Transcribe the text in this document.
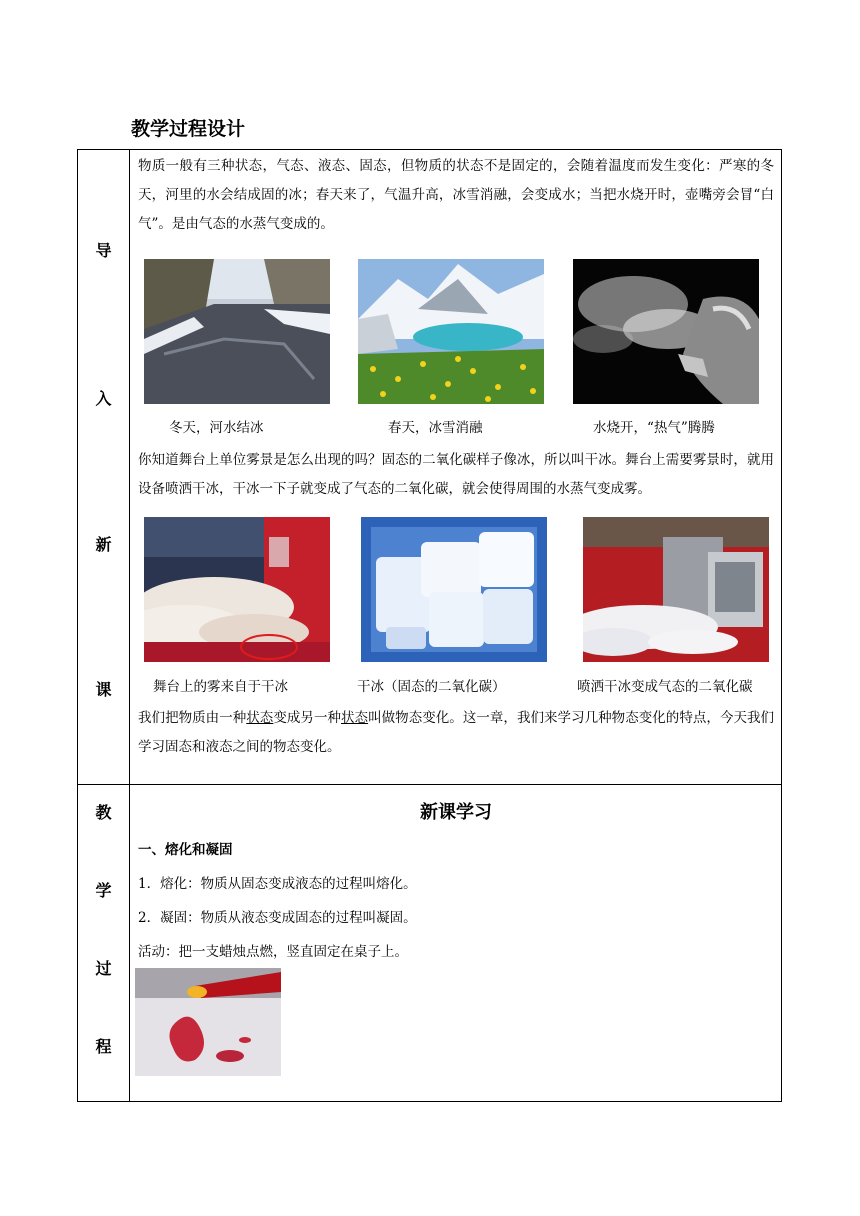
教学过程设计
导
入
新
课
教
学
过
程
物质一般有三种状态，气态、液态、固态，但物质的状态不是固定的，会随着温度而发生变化：严寒的冬天，河里的水会结成固的冰；春天来了，气温升高，冰雪消融，会变成水；当把水烧开时，壶嘴旁会冒“白气”。是由气态的水蒸气变成的。
冬天，河水结冰	春天，冰雪消融	水烧开，“热气”腾腾
你知道舞台上单位雾景是怎么出现的吗？固态的二氧化碳样子像冰，所以叫干冰。舞台上需要雾景时，就用设备喷洒干冰，干冰一下子就变成了气态的二氧化碳，就会使得周围的水蒸气变成雾。
舞台上的雾来自于干冰	干冰（固态的二氧化碳）	喷洒干冰变成气态的二氧化碳
我们把物质由一种状态变成另一种状态叫做物态变化。这一章，我们来学习几种物态变化的特点，今天我们学习固态和液态之间的物态变化。
新课学习
一、熔化和凝固
1．熔化：物质从固态变成液态的过程叫熔化。
2．凝固：物质从液态变成固态的过程叫凝固。
活动：把一支蜡烛点燃，竖直固定在桌子上。
